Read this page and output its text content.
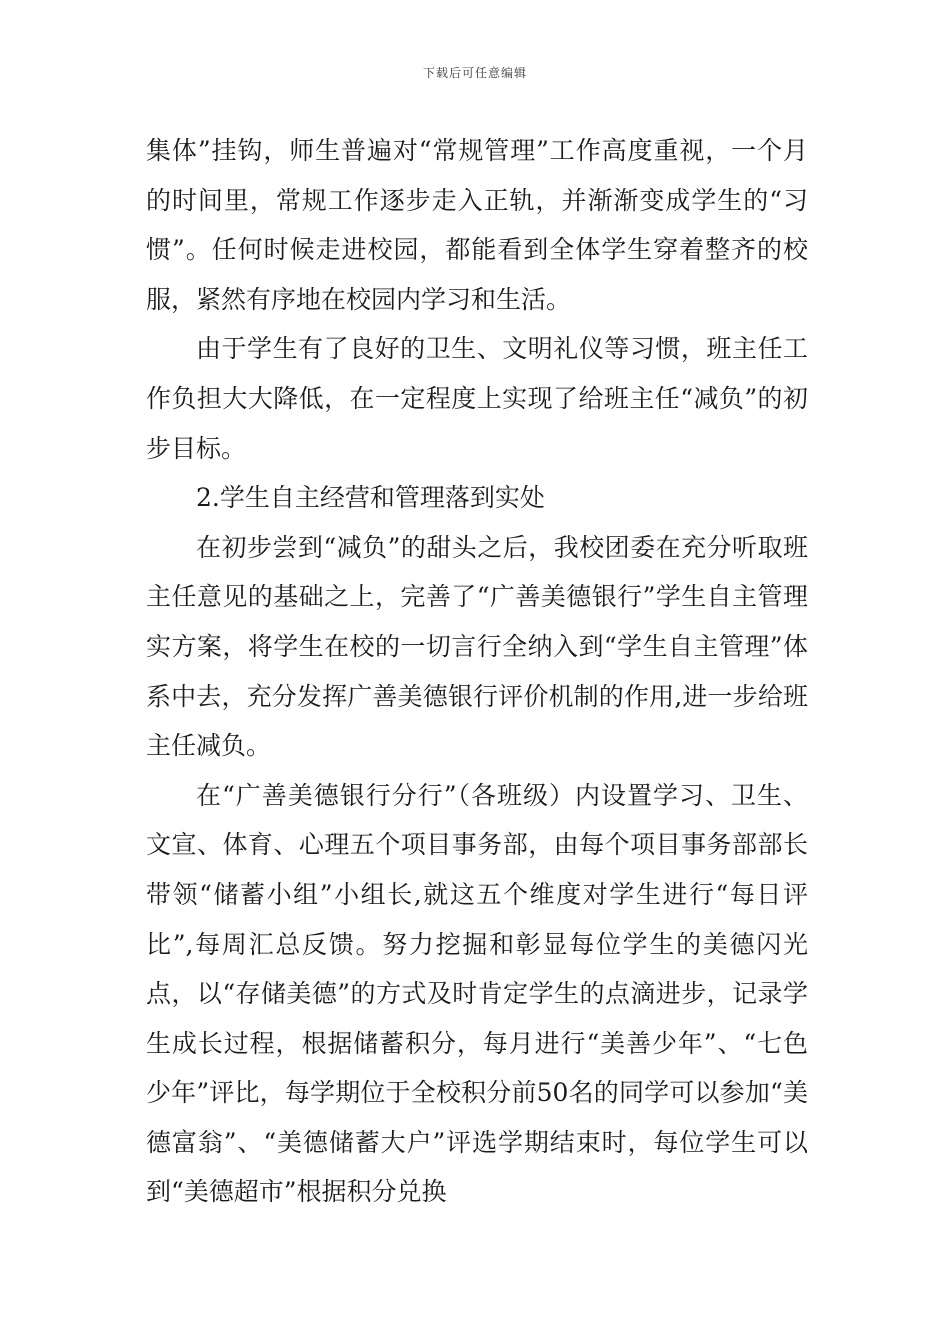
下载后可任意编辑

集体”挂钩，师生普遍对“常规管理”工作高度重视，一个月的时间里，常规工作逐步走入正轨，并渐渐变成学生的“习惯”。任何时候走进校园，都能看到全体学生穿着整齐的校服，紧然有序地在校园内学习和生活。

由于学生有了良好的卫生、文明礼仪等习惯，班主任工作负担大大降低，在一定程度上实现了给班主任“减负”的初步目标。

2.学生自主经营和管理落到实处

在初步尝到“减负”的甜头之后，我校团委在充分听取班主任意见的基础之上，完善了“广善美德银行”学生自主管理实方案，将学生在校的一切言行全纳入到“学生自主管理”体系中去，充分发挥广善美德银行评价机制的作用,进一步给班主任减负。

在“广善美德银行分行”（各班级）内设置学习、卫生、文宣、体育、心理五个项目事务部，由每个项目事务部部长带领“储蓄小组”小组长,就这五个维度对学生进行“每日评比”,每周汇总反馈。努力挖掘和彰显每位学生的美德闪光点，以“存储美德”的方式及时肯定学生的点滴进步，记录学生成长过程，根据储蓄积分，每月进行“美善少年”、“七色少年”评比，每学期位于全校积分前50名的同学可以参加“美德富翁”、“美德储蓄大户”评选学期结束时，每位学生可以到“美德超市”根据积分兑换
